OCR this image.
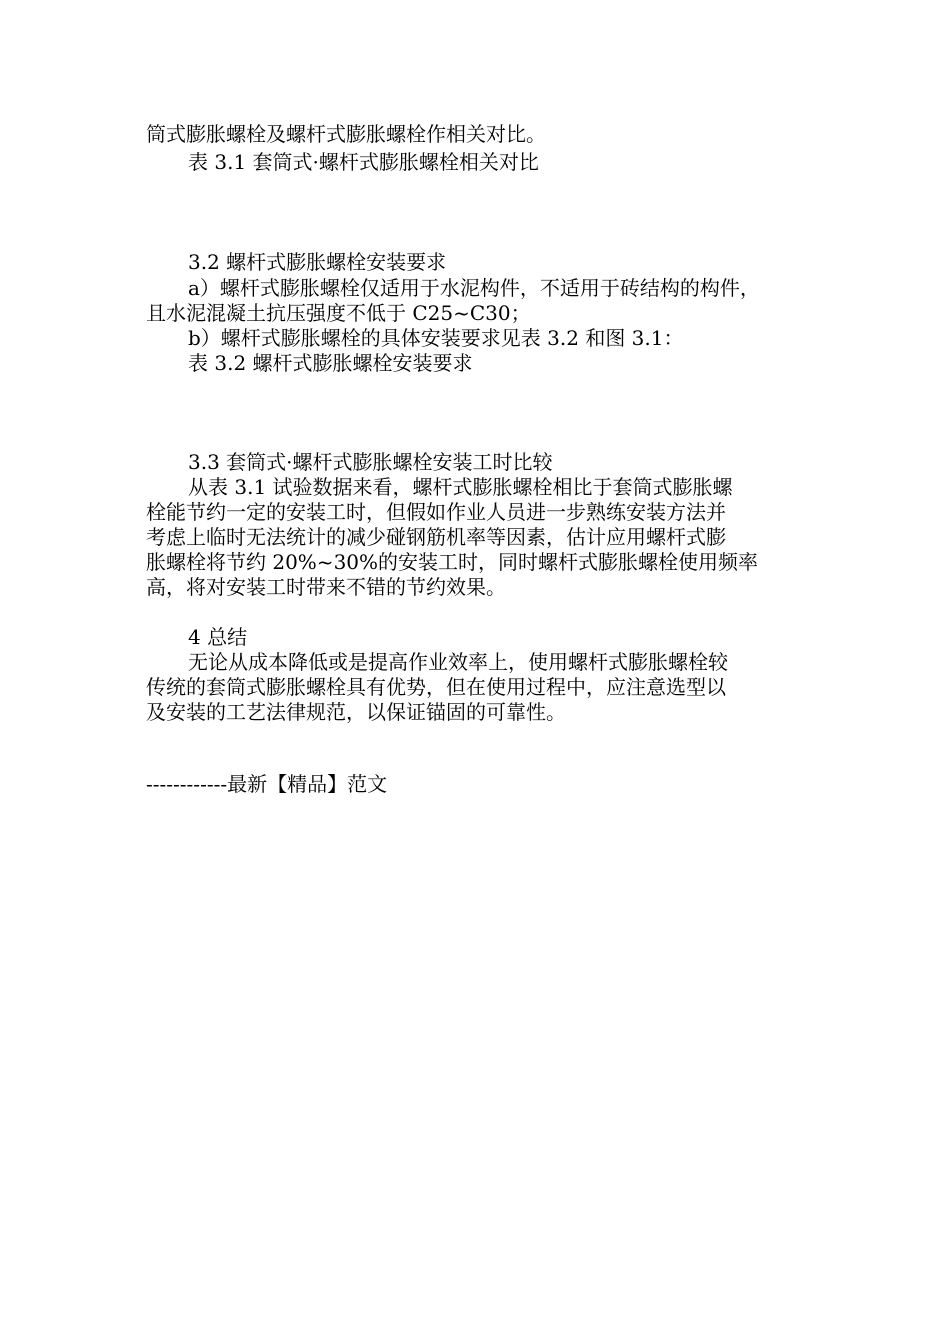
筒式膨胀螺栓及螺杆式膨胀螺栓作相关对比。
表 3.1 套筒式·螺杆式膨胀螺栓相关对比
3.2 螺杆式膨胀螺栓安装要求
a）螺杆式膨胀螺栓仅适用于水泥构件，不适用于砖结构的构件，
且水泥混凝土抗压强度不低于 C25~C30；
b）螺杆式膨胀螺栓的具体安装要求见表 3.2 和图 3.1：
表 3.2 螺杆式膨胀螺栓安装要求
3.3 套筒式·螺杆式膨胀螺栓安装工时比较
从表 3.1 试验数据来看，螺杆式膨胀螺栓相比于套筒式膨胀螺
栓能节约一定的安装工时，但假如作业人员进一步熟练安装方法并
考虑上临时无法统计的减少碰钢筋机率等因素，估计应用螺杆式膨
胀螺栓将节约 20%~30%的安装工时，同时螺杆式膨胀螺栓使用频率
高，将对安装工时带来不错的节约效果。
4 总结
无论从成本降低或是提高作业效率上，使用螺杆式膨胀螺栓较
传统的套筒式膨胀螺栓具有优势，但在使用过程中，应注意选型以
及安装的工艺法律规范，以保证锚固的可靠性。
------------最新【精品】范文
